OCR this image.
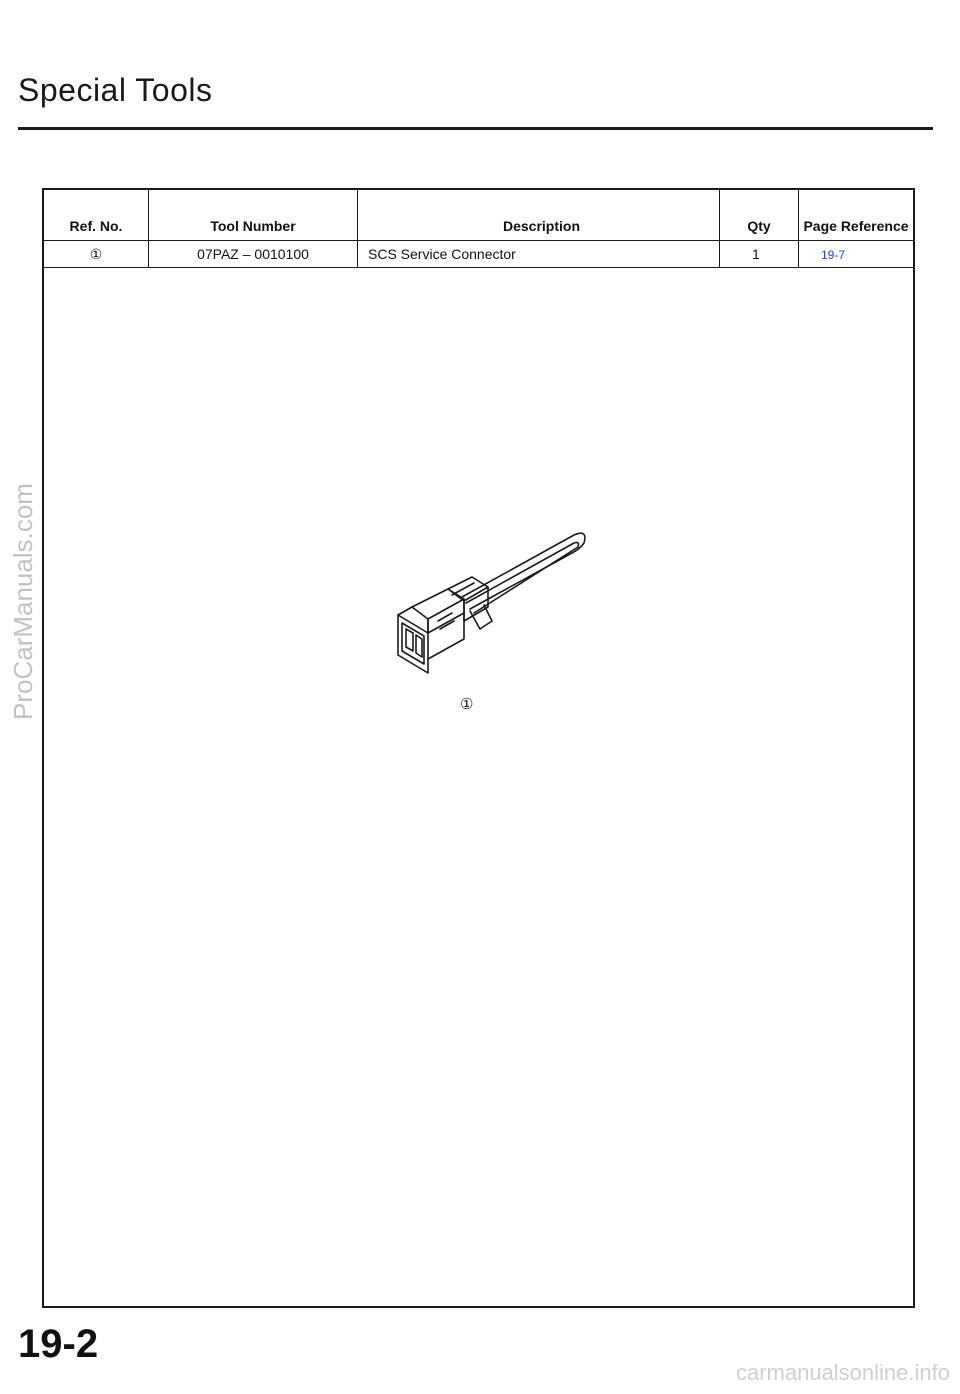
Special Tools
Ref. No.	Tool Number	Description	Qty	Page Reference
①	07PAZ – 0010100	SCS Service Connector	1	19-7
①
ProCarManuals.com
19-2
carmanualsonline.info
